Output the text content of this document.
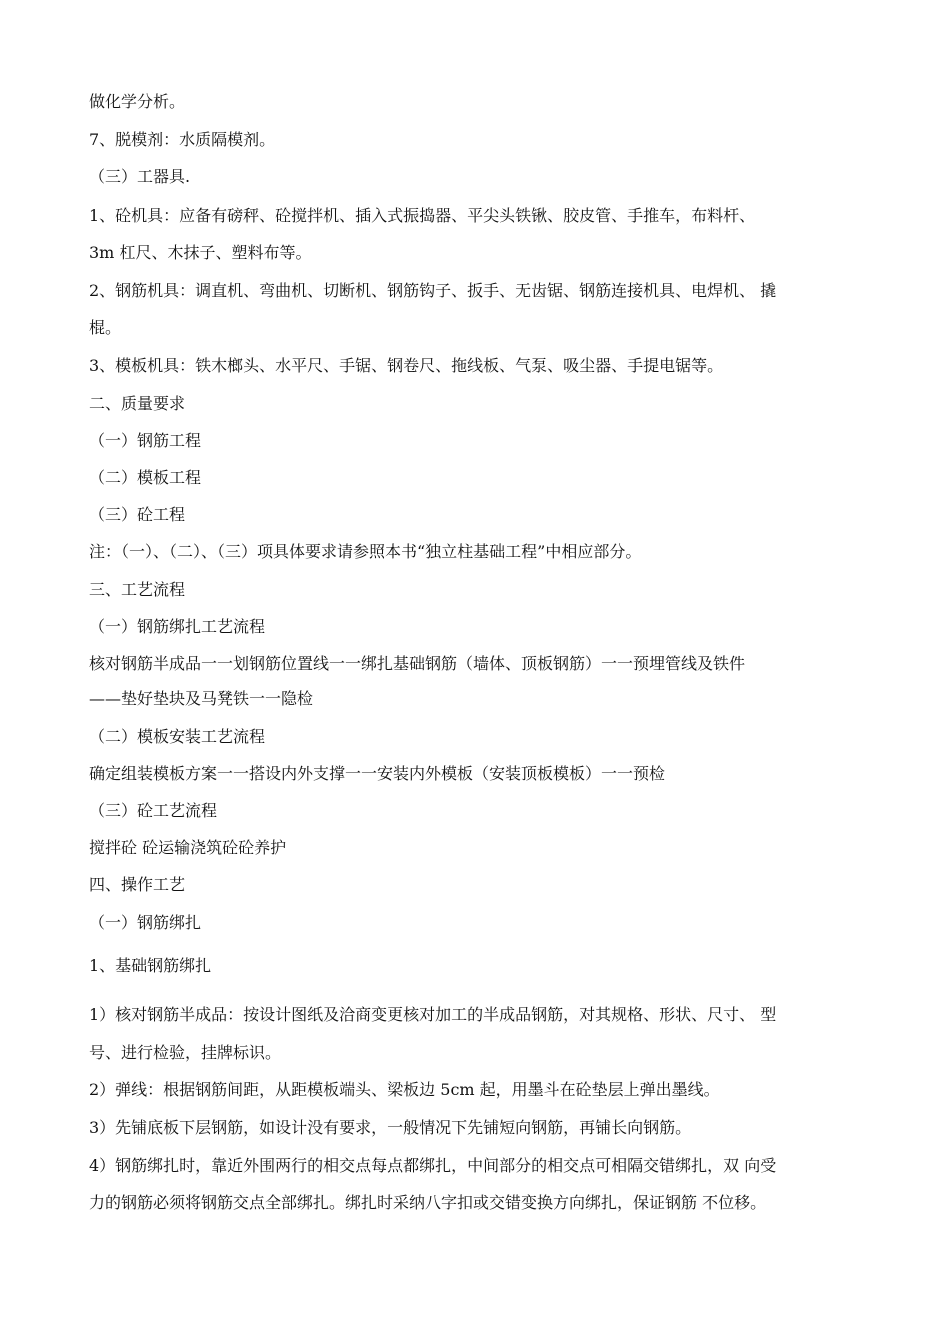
做化学分析。
7、脱模剂：水质隔模剂。
（三）工器具.
1、砼机具：应备有磅秤、砼搅拌机、插入式振捣器、平尖头铁锹、胶皮管、手推车，布料杆、
3m 杠尺、木抹子、塑料布等。
2、钢筋机具：调直机、弯曲机、切断机、钢筋钩子、扳手、无齿锯、钢筋连接机具、电焊机、 撬
棍。
3、模板机具：铁木榔头、水平尺、手锯、钢卷尺、拖线板、气泵、吸尘器、手提电锯等。
二、质量要求
（一）钢筋工程
（二）模板工程
（三）砼工程
注：（一）、（二）、（三）项具体要求请参照本书“独立柱基础工程”中相应部分。
三、工艺流程
（一）钢筋绑扎工艺流程
核对钢筋半成品一一划钢筋位置线一一绑扎基础钢筋（墙体、顶板钢筋）一一预埋管线及铁件
——垫好垫块及马凳铁一一隐检
（二）模板安装工艺流程
确定组装模板方案一一搭设内外支撑一一安装内外模板（安装顶板模板）一一预检
（三）砼工艺流程
搅拌砼 砼运输浇筑砼砼养护
四、操作工艺
（一）钢筋绑扎
1、基础钢筋绑扎
1）核对钢筋半成品：按设计图纸及洽商变更核对加工的半成品钢筋，对其规格、形状、尺寸、 型
号、进行检验，挂牌标识。
2）弹线：根据钢筋间距，从距模板端头、梁板边 5cm 起，用墨斗在砼垫层上弹出墨线。
3）先铺底板下层钢筋，如设计没有要求，一般情况下先铺短向钢筋，再铺长向钢筋。
4）钢筋绑扎时，靠近外围两行的相交点每点都绑扎，中间部分的相交点可相隔交错绑扎，双 向受
力的钢筋必须将钢筋交点全部绑扎。绑扎时采纳八字扣或交错变换方向绑扎，保证钢筋 不位移。
